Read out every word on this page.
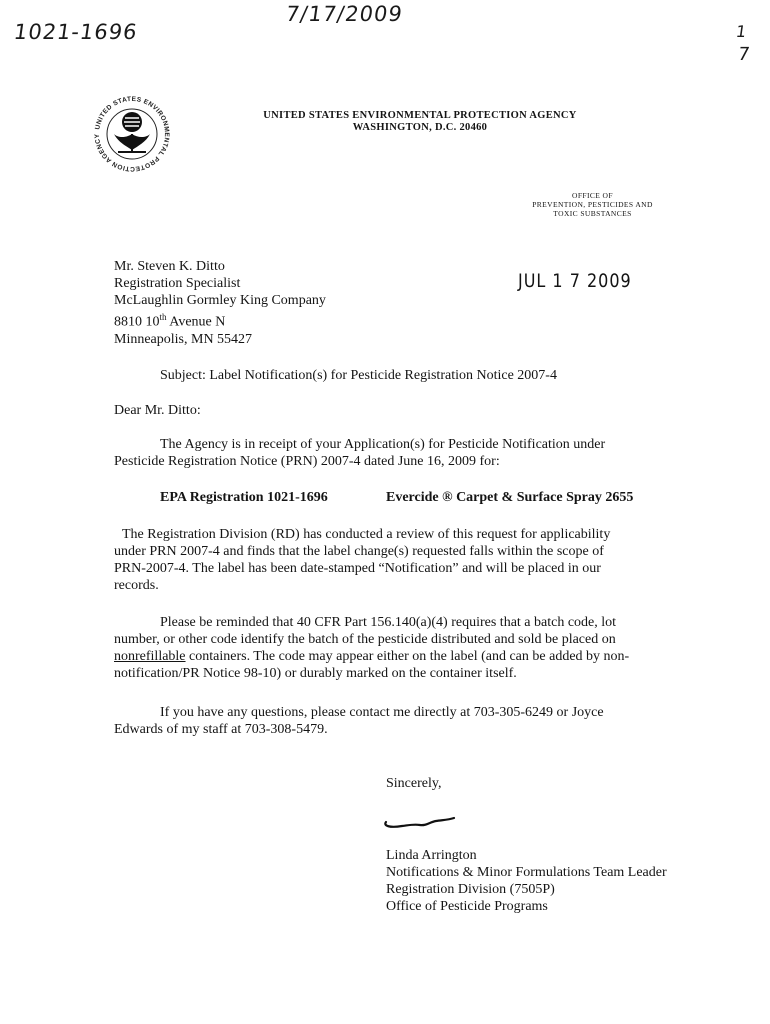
1021-1696
7/17/2009
1
7
UNITED STATES ENVIRONMENTAL PROTECTION AGENCY
UNITED STATES ENVIRONMENTAL PROTECTION AGENCY
WASHINGTON, D.C. 20460
OFFICE OF
PREVENTION, PESTICIDES AND
TOXIC SUBSTANCES
Mr. Steven K. Ditto
Registration Specialist
McLaughlin Gormley King Company
8810 10th Avenue N
Minneapolis, MN 55427
JUL 1 7 2009
Subject: Label Notification(s) for Pesticide Registration Notice 2007-4
Dear Mr. Ditto:
The Agency is in receipt of your Application(s) for Pesticide Notification under
Pesticide Registration Notice (PRN) 2007-4 dated June 16, 2009 for:
EPA Registration 1021-1696	Evercide ® Carpet & Surface Spray 2655
The Registration Division (RD) has conducted a review of this request for applicability
under PRN 2007-4 and finds that the label change(s) requested falls within the scope of
PRN-2007-4. The label has been date-stamped “Notification” and will be placed in our
records.
Please be reminded that 40 CFR Part 156.140(a)(4) requires that a batch code, lot
number, or other code identify the batch of the pesticide distributed and sold be placed on
nonrefillable containers. The code may appear either on the label (and can be added by non-
notification/PR Notice 98-10) or durably marked on the container itself.
If you have any questions, please contact me directly at 703-305-6249 or Joyce
Edwards of my staff at 703-308-5479.
Sincerely,
Linda Arrington
Notifications & Minor Formulations Team Leader
Registration Division (7505P)
Office of Pesticide Programs
